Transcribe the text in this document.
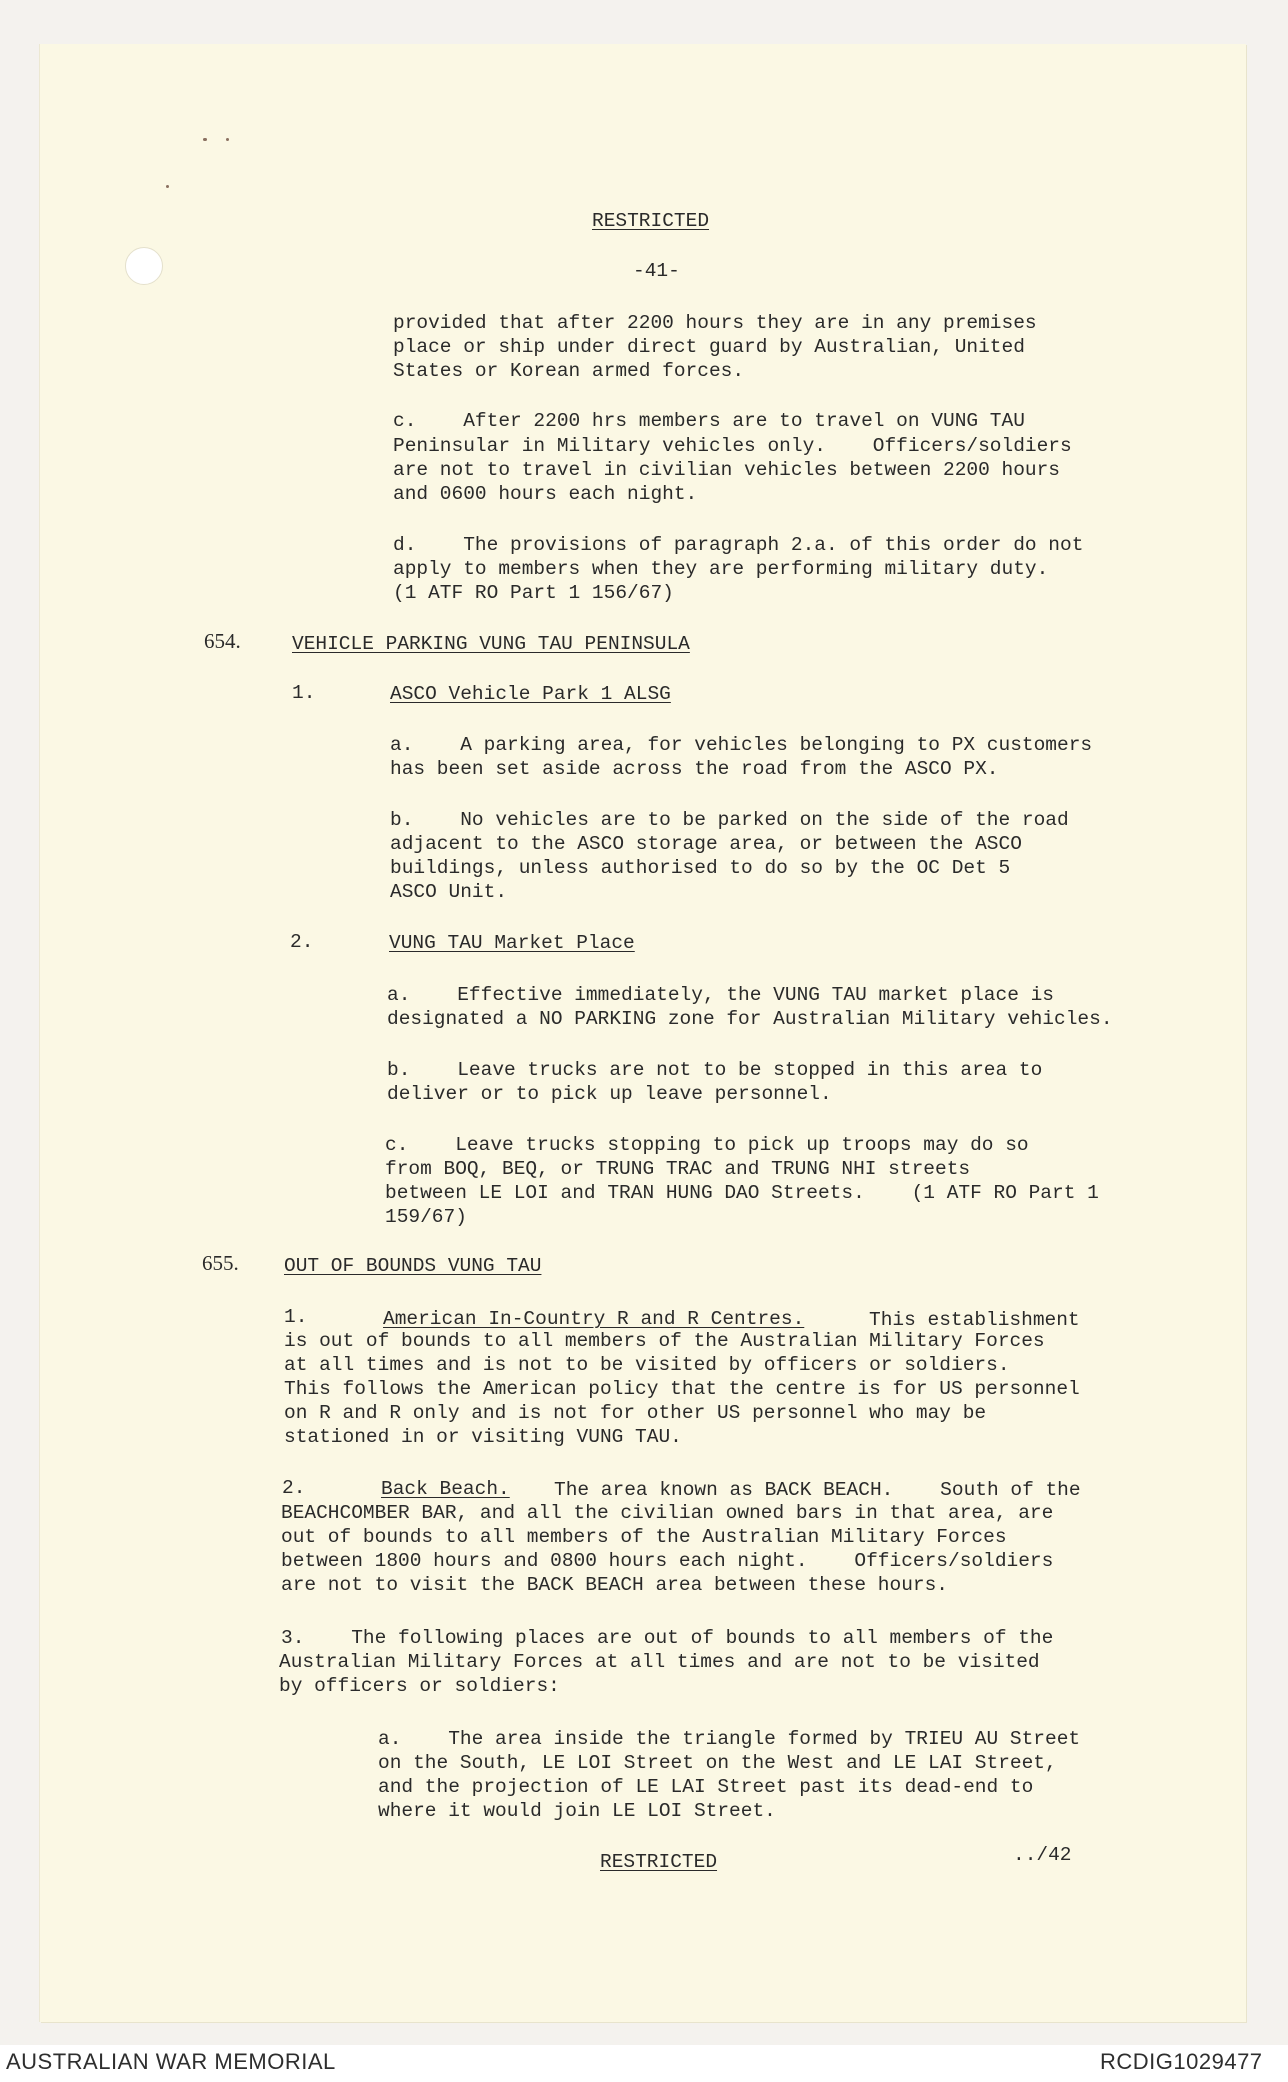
RESTRICTED
-41-
provided that after 2200 hours they are in any premises
place or ship under direct guard by Australian, United
States or Korean armed forces.
c.    After 2200 hrs members are to travel on VUNG TAU
Peninsular in Military vehicles only.    Officers/soldiers
are not to travel in civilian vehicles between 2200 hours
and 0600 hours each night.
d.    The provisions of paragraph 2.a. of this order do not
apply to members when they are performing military duty.
(1 ATF RO Part 1 156/67)
654.	VEHICLE PARKING VUNG TAU PENINSULA
1.	ASCO Vehicle Park 1 ALSG
a.    A parking area, for vehicles belonging to PX customers
has been set aside across the road from the ASCO PX.
b.    No vehicles are to be parked on the side of the road
adjacent to the ASCO storage area, or between the ASCO
buildings, unless authorised to do so by the OC Det 5
ASCO Unit.
2.	VUNG TAU Market Place
a.    Effective immediately, the VUNG TAU market place is
designated a NO PARKING zone for Australian Military vehicles.
b.    Leave trucks are not to be stopped in this area to
deliver or to pick up leave personnel.
c.    Leave trucks stopping to pick up troops may do so
from BOQ, BEQ, or TRUNG TRAC and TRUNG NHI streets
between LE LOI and TRAN HUNG DAO Streets.    (1 ATF RO Part 1
159/67)
655. OUT OF BOUNDS VUNG TAU
1.	American In-Country R and R Centres.	This establishment
is out of bounds to all members of the Australian Military Forces
at all times and is not to be visited by officers or soldiers.
This follows the American policy that the centre is for US personnel
on R and R only and is not for other US personnel who may be
stationed in or visiting VUNG TAU.
2.	Back Beach. The area known as BACK BEACH.    South of the
BEACHCOMBER BAR, and all the civilian owned bars in that area, are
out of bounds to all members of the Australian Military Forces
between 1800 hours and 0800 hours each night.    Officers/soldiers
are not to visit the BACK BEACH area between these hours.
3.    The following places are out of bounds to all members of the
Australian Military Forces at all times and are not to be visited
by officers or soldiers:
a.    The area inside the triangle formed by TRIEU AU Street
on the South, LE LOI Street on the West and LE LAI Street,
and the projection of LE LAI Street past its dead-end to
where it would join LE LOI Street.
RESTRICTED	../42
AUSTRALIAN WAR MEMORIAL	RCDIG1029477
